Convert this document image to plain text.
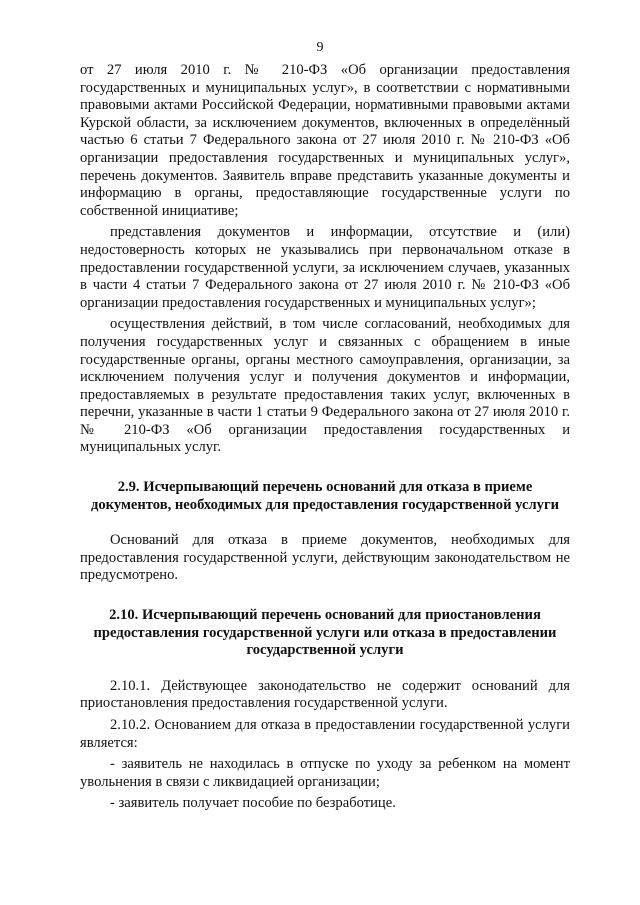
9

от 27 июля 2010 г. № 210-ФЗ «Об организации предоставления государственных и муниципальных услуг», в соответствии с нормативными правовыми актами Российской Федерации, нормативными правовыми актами Курской области, за исключением документов, включенных в определённый частью 6 статьи 7 Федерального закона от 27 июля 2010 г. № 210-ФЗ «Об организации предоставления государственных и муниципальных услуг», перечень документов. Заявитель вправе представить указанные документы и информацию в органы, предоставляющие государственные услуги по собственной инициативе;

представления документов и информации, отсутствие и (или) недостоверность которых не указывались при первоначальном отказе в предоставлении государственной услуги, за исключением случаев, указанных в части 4 статьи 7 Федерального закона от 27 июля 2010 г. № 210-ФЗ «Об организации предоставления государственных и муниципальных услуг»;

осуществления действий, в том числе согласований, необходимых для получения государственных услуг и связанных с обращением в иные государственные органы, органы местного самоуправления, организации, за исключением получения услуг и получения документов и информации, предоставляемых в результате предоставления таких услуг, включенных в перечни, указанные в части 1 статьи 9 Федерального закона от 27 июля 2010 г. № 210-ФЗ «Об организации предоставления государственных и муниципальных услуг.

2.9. Исчерпывающий перечень оснований для отказа в приеме документов, необходимых для предоставления государственной услуги

Оснований для отказа в приеме документов, необходимых для предоставления государственной услуги, действующим законодательством не предусмотрено.

2.10. Исчерпывающий перечень оснований для приостановления предоставления государственной услуги или отказа в предоставлении государственной услуги

2.10.1. Действующее законодательство не содержит оснований для приостановления предоставления государственной услуги.

2.10.2. Основанием для отказа в предоставлении государственной услуги является:

- заявитель не находилась в отпуске по уходу за ребенком на момент увольнения в связи с ликвидацией организации;

- заявитель получает пособие по безработице.
